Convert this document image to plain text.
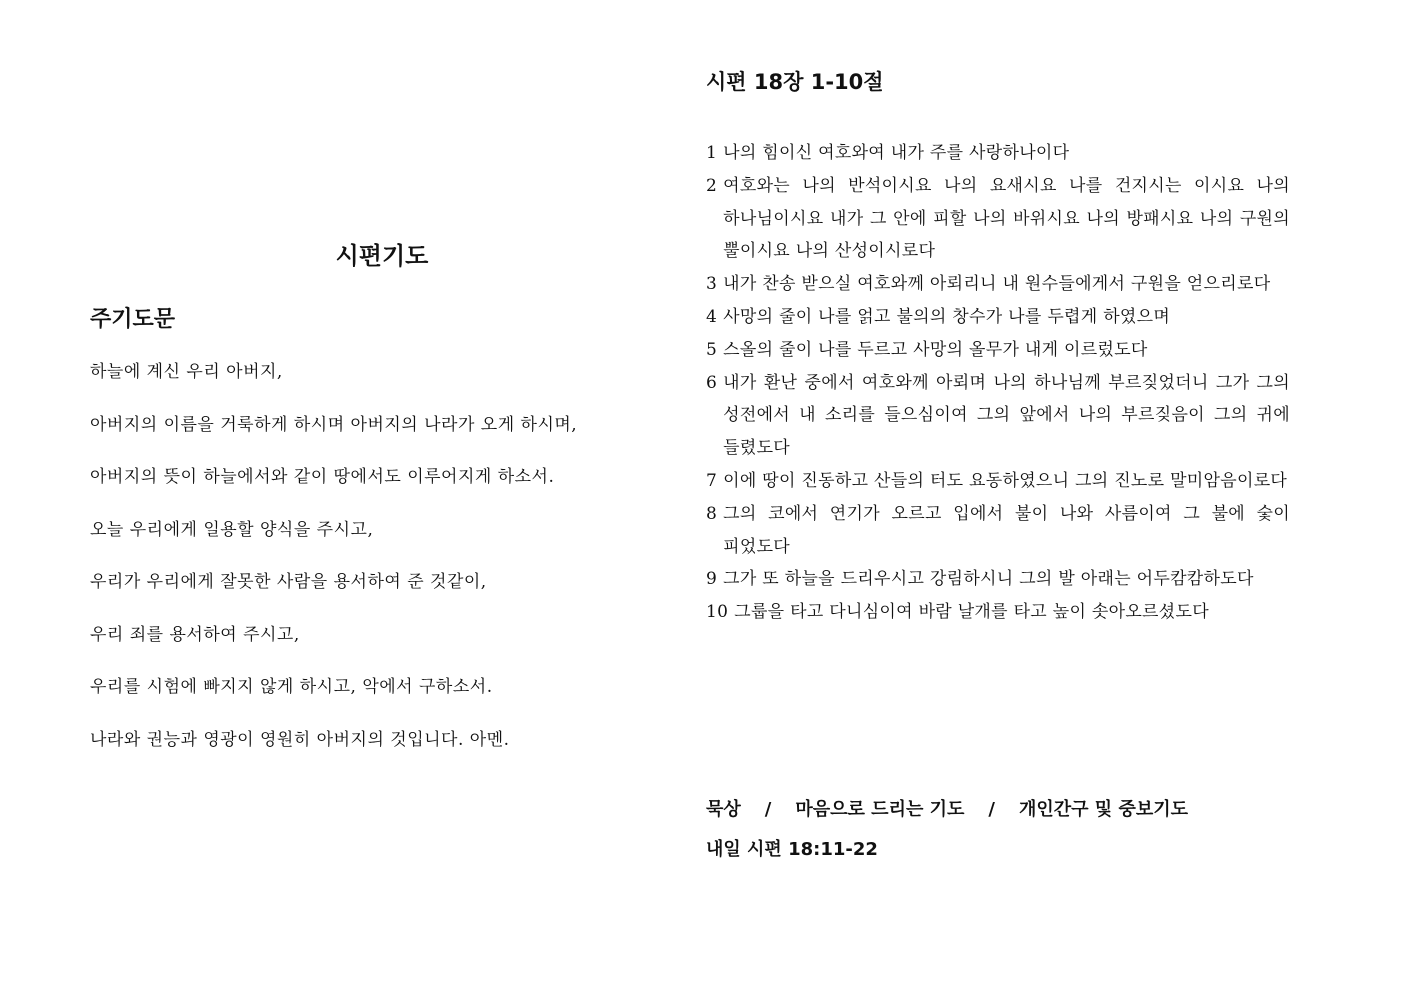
시편기도
주기도문
하늘에 계신 우리 아버지,
아버지의 이름을 거룩하게 하시며 아버지의 나라가 오게 하시며,
아버지의 뜻이 하늘에서와 같이 땅에서도 이루어지게 하소서.
오늘 우리에게 일용할 양식을 주시고,
우리가 우리에게 잘못한 사람을 용서하여 준 것같이,
우리 죄를 용서하여 주시고,
우리를 시험에 빠지지 않게 하시고, 악에서 구하소서.
나라와 권능과 영광이 영원히 아버지의 것입니다. 아멘.
시편 18장 1-10절
1 나의 힘이신 여호와여 내가 주를 사랑하나이다
2 여호와는 나의 반석이시요 나의 요새시요 나를 건지시는 이시요 나의 하나님이시요 내가 그 안에 피할 나의 바위시요 나의 방패시요 나의 구원의 뿔이시요 나의 산성이시로다
3 내가 찬송 받으실 여호와께 아뢰리니 내 원수들에게서 구원을 얻으리로다
4 사망의 줄이 나를 얽고 불의의 창수가 나를 두렵게 하였으며
5 스올의 줄이 나를 두르고 사망의 올무가 내게 이르렀도다
6 내가 환난 중에서 여호와께 아뢰며 나의 하나님께 부르짖었더니 그가 그의 성전에서 내 소리를 들으심이여 그의 앞에서 나의 부르짖음이 그의 귀에 들렸도다
7 이에 땅이 진동하고 산들의 터도 요동하였으니 그의 진노로 말미암음이로다
8 그의 코에서 연기가 오르고 입에서 불이 나와 사름이여 그 불에 숯이 피었도다
9 그가 또 하늘을 드리우시고 강림하시니 그의 발 아래는 어두캄캄하도다
10 그룹을 타고 다니심이여 바람 날개를 타고 높이 솟아오르셨도다

묵상 / 마음으로 드리는 기도 / 개인간구 및 중보기도

내일 시편 18:11-22
